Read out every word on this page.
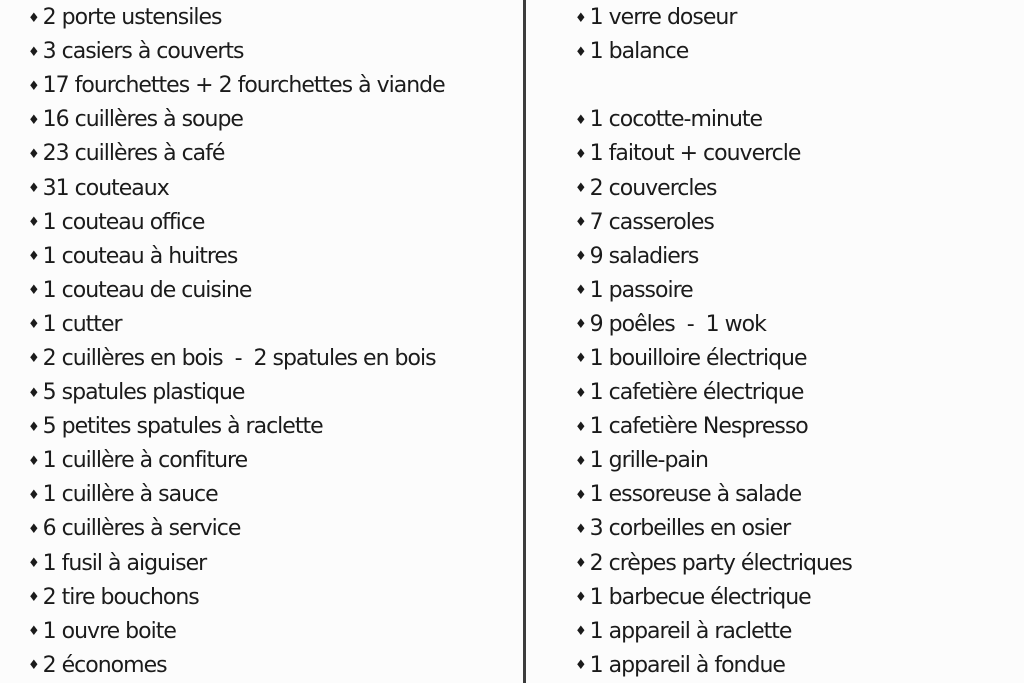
♦ 2 porte ustensiles
♦ 3 casiers à couverts
♦ 17 fourchettes + 2 fourchettes à viande
♦ 16 cuillères à soupe
♦ 23 cuillères à café
♦ 31 couteaux
♦ 1 couteau office
♦ 1 couteau à huitres
♦ 1 couteau de cuisine
♦ 1 cutter
♦ 2 cuillères en bois  -  2 spatules en bois
♦ 5 spatules plastique
♦ 5 petites spatules à raclette
♦ 1 cuillère à confiture
♦ 1 cuillère à sauce
♦ 6 cuillères à service
♦ 1 fusil à aiguiser
♦ 2 tire bouchons
♦ 1 ouvre boite
♦ 2 économes
♦ 1 verre doseur
♦ 1 balance
♦ 1 cocotte-minute
♦ 1 faitout + couvercle
♦ 2 couvercles
♦ 7 casseroles
♦ 9 saladiers
♦ 1 passoire
♦ 9 poêles  -  1 wok
♦ 1 bouilloire électrique
♦ 1 cafetière électrique
♦ 1 cafetière Nespresso
♦ 1 grille-pain
♦ 1 essoreuse à salade
♦ 3 corbeilles en osier
♦ 2 crèpes party électriques
♦ 1 barbecue électrique
♦ 1 appareil à raclette
♦ 1 appareil à fondue
